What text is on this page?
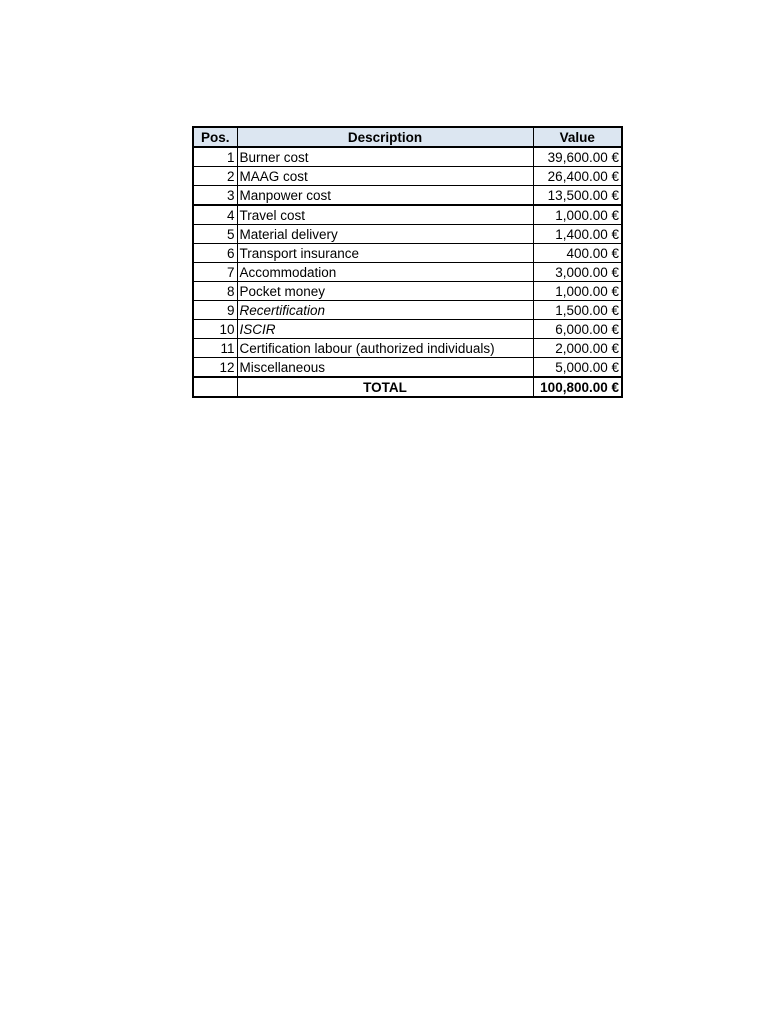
Pos.	Description	Value
1	Burner cost	39,600.00 €
2	MAAG cost	26,400.00 €
3	Manpower cost	13,500.00 €
4	Travel cost	1,000.00 €
5	Material delivery	1,400.00 €
6	Transport insurance	400.00 €
7	Accommodation	3,000.00 €
8	Pocket money	1,000.00 €
9	Recertification	1,500.00 €
10	ISCIR	6,000.00 €
11	Certification labour (authorized individuals)	2,000.00 €
12	Miscellaneous	5,000.00 €
	TOTAL	100,800.00 €
